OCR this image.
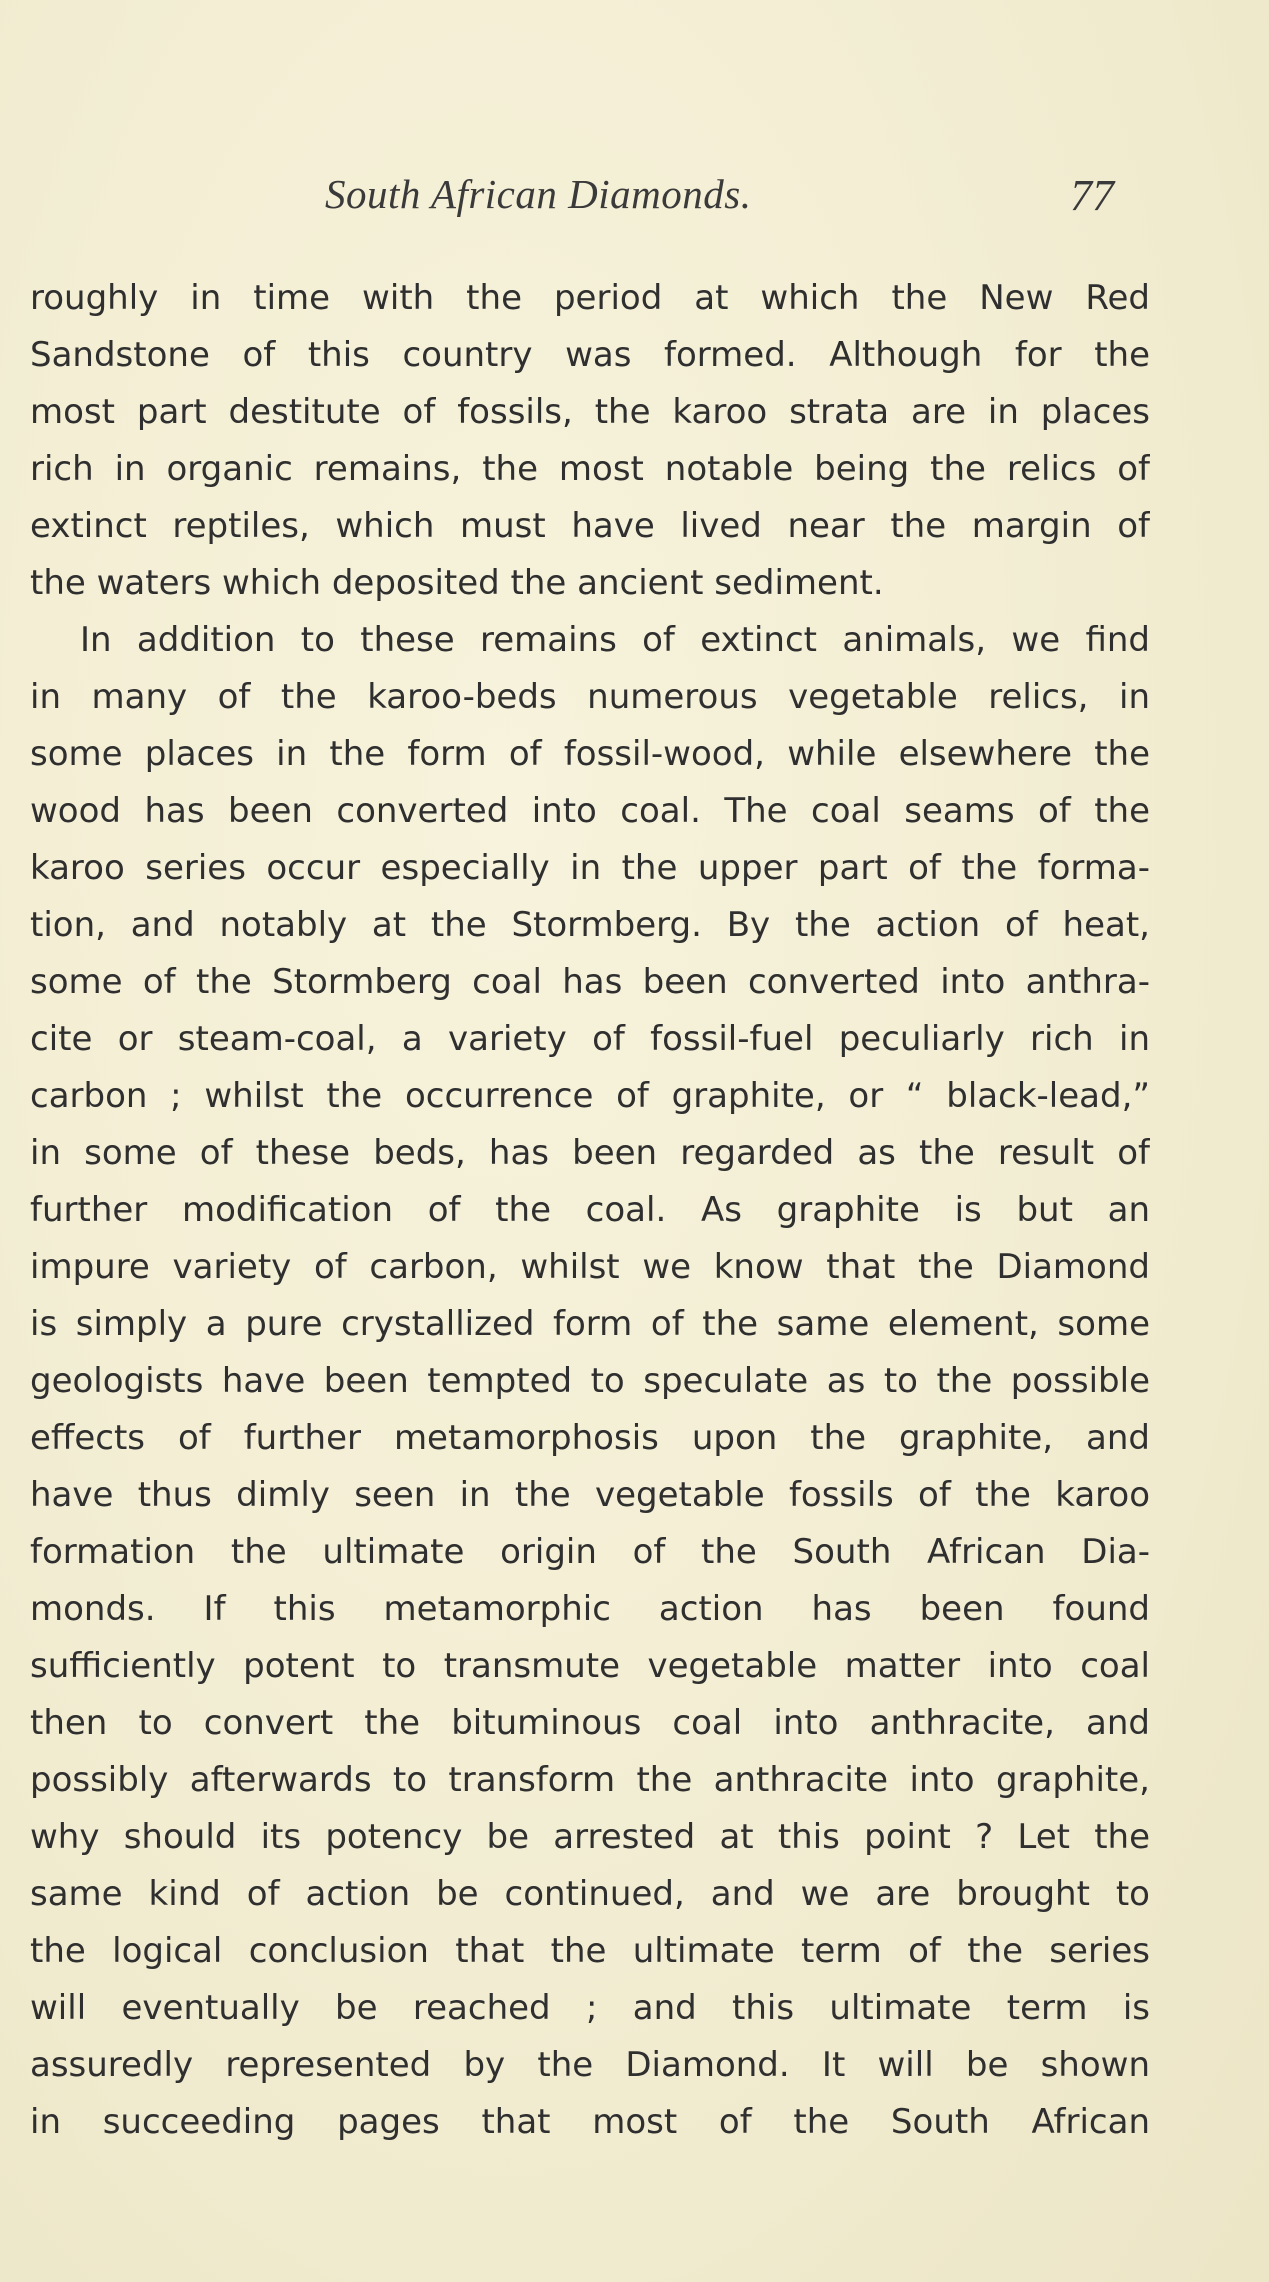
South African Diamonds.	77
roughly in time with the period at which the New Red
Sandstone of this country was formed. Although for the
most part destitute of fossils, the karoo strata are in places
rich in organic remains, the most notable being the relics of
extinct reptiles, which must have lived near the margin of
the waters which deposited the ancient sediment.
In addition to these remains of extinct animals, we find
in many of the karoo-beds numerous vegetable relics, in
some places in the form of fossil-wood, while elsewhere the
wood has been converted into coal. The coal seams of the
karoo series occur especially in the upper part of the forma-
tion, and notably at the Stormberg. By the action of heat,
some of the Stormberg coal has been converted into anthra-
cite or steam-coal, a variety of fossil-fuel peculiarly rich in
carbon ; whilst the occurrence of graphite, or “ black-lead,”
in some of these beds, has been regarded as the result of
further modification of the coal. As graphite is but an
impure variety of carbon, whilst we know that the Diamond
is simply a pure crystallized form of the same element, some
geologists have been tempted to speculate as to the possible
effects of further metamorphosis upon the graphite, and
have thus dimly seen in the vegetable fossils of the karoo
formation the ultimate origin of the South African Dia-
monds. If this metamorphic action has been found
sufficiently potent to transmute vegetable matter into coal
then to convert the bituminous coal into anthracite, and
possibly afterwards to transform the anthracite into graphite,
why should its potency be arrested at this point ? Let the
same kind of action be continued, and we are brought to
the logical conclusion that the ultimate term of the series
will eventually be reached ; and this ultimate term is
assuredly represented by the Diamond. It will be shown
in succeeding pages that most of the South African
